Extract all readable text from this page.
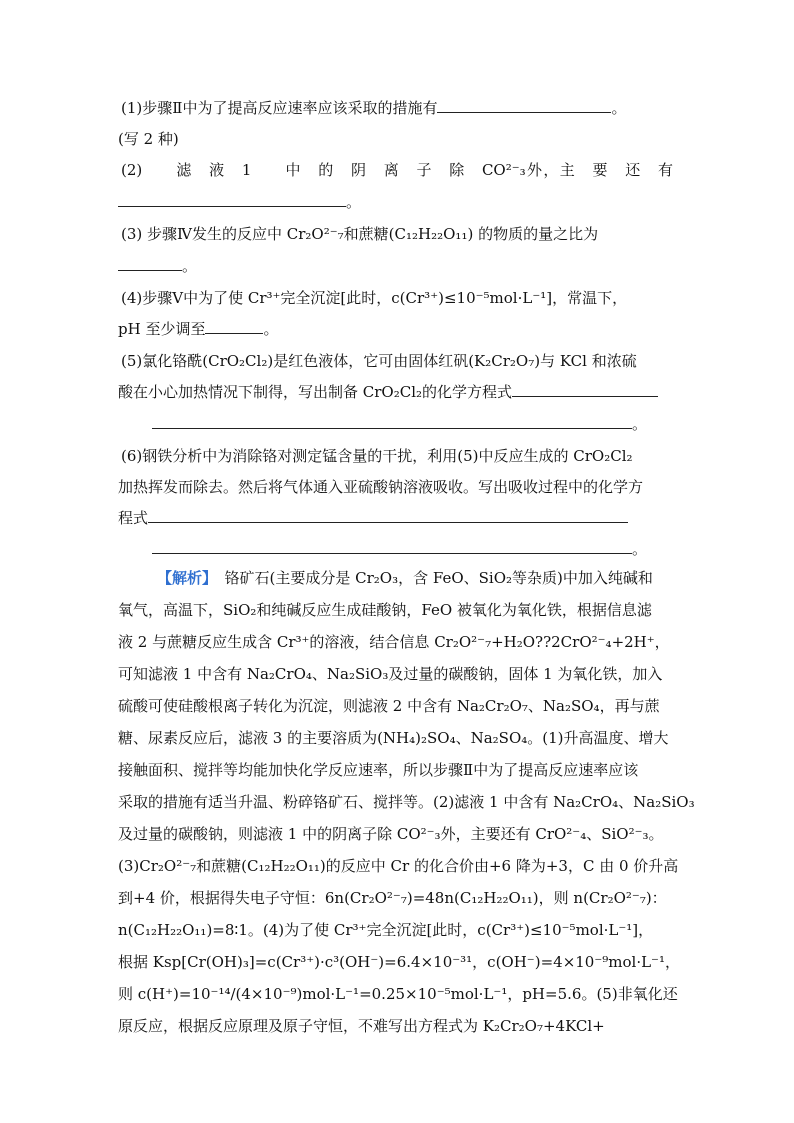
(1)步骤Ⅱ中为了提高反应速率应该采取的措施有	。
(写 2 种)
(2)　　滤　液　1　　中　的　阴　离　子　除　CO²⁻₃外，主　要　还　有
。
(3) 步骤Ⅳ发生的反应中 Cr₂O²⁻₇和蔗糖(C₁₂H₂₂O₁₁) 的物质的量之比为
。
(4)步骤Ⅴ中为了使 Cr³⁺完全沉淀[此时，c(Cr³⁺)≤10⁻⁵mol·L⁻¹]，常温下，
pH 至少调至	。
(5)氯化铬酰(CrO₂Cl₂)是红色液体，它可由固体红矾(K₂Cr₂O₇)与 KCl 和浓硫
酸在小心加热情况下制得，写出制备 CrO₂Cl₂的化学方程式
。
(6)钢铁分析中为消除铬对测定锰含量的干扰，利用(5)中反应生成的 CrO₂Cl₂
加热挥发而除去。然后将气体通入亚硫酸钠溶液吸收。写出吸收过程中的化学方
程式
。
【解析】　铬矿石(主要成分是 Cr₂O₃，含 FeO、SiO₂等杂质)中加入纯碱和
氧气，高温下，SiO₂和纯碱反应生成硅酸钠，FeO 被氧化为氧化铁，根据信息滤
液 2 与蔗糖反应生成含 Cr³⁺的溶液，结合信息 Cr₂O²⁻₇+H₂O??2CrO²⁻₄+2H⁺，
可知滤液 1 中含有 Na₂CrO₄、Na₂SiO₃及过量的碳酸钠，固体 1 为氧化铁，加入
硫酸可使硅酸根离子转化为沉淀，则滤液 2 中含有 Na₂Cr₂O₇、Na₂SO₄，再与蔗
糖、尿素反应后，滤液 3 的主要溶质为(NH₄)₂SO₄、Na₂SO₄。(1)升高温度、增大
接触面积、搅拌等均能加快化学反应速率，所以步骤Ⅱ中为了提高反应速率应该
采取的措施有适当升温、粉碎铬矿石、搅拌等。(2)滤液 1 中含有 Na₂CrO₄、Na₂SiO₃
及过量的碳酸钠，则滤液 1 中的阴离子除 CO²⁻₃外，主要还有 CrO²⁻₄、SiO²⁻₃。
(3)Cr₂O²⁻₇和蔗糖(C₁₂H₂₂O₁₁)的反应中 Cr 的化合价由+6 降为+3，C 由 0 价升高
到+4 价，根据得失电子守恒：6n(Cr₂O²⁻₇)=48n(C₁₂H₂₂O₁₁)，则 n(Cr₂O²⁻₇)：
n(C₁₂H₂₂O₁₁)=8∶1。(4)为了使 Cr³⁺完全沉淀[此时，c(Cr³⁺)≤10⁻⁵mol·L⁻¹]，
根据 Ksp[Cr(OH)₃]=c(Cr³⁺)·c³(OH⁻)=6.4×10⁻³¹，c(OH⁻)=4×10⁻⁹mol·L⁻¹，
则 c(H⁺)=10⁻¹⁴/(4×10⁻⁹)mol·L⁻¹=0.25×10⁻⁵mol·L⁻¹，pH=5.6。(5)非氧化还
原反应，根据反应原理及原子守恒，不难写出方程式为 K₂Cr₂O₇+4KCl+
